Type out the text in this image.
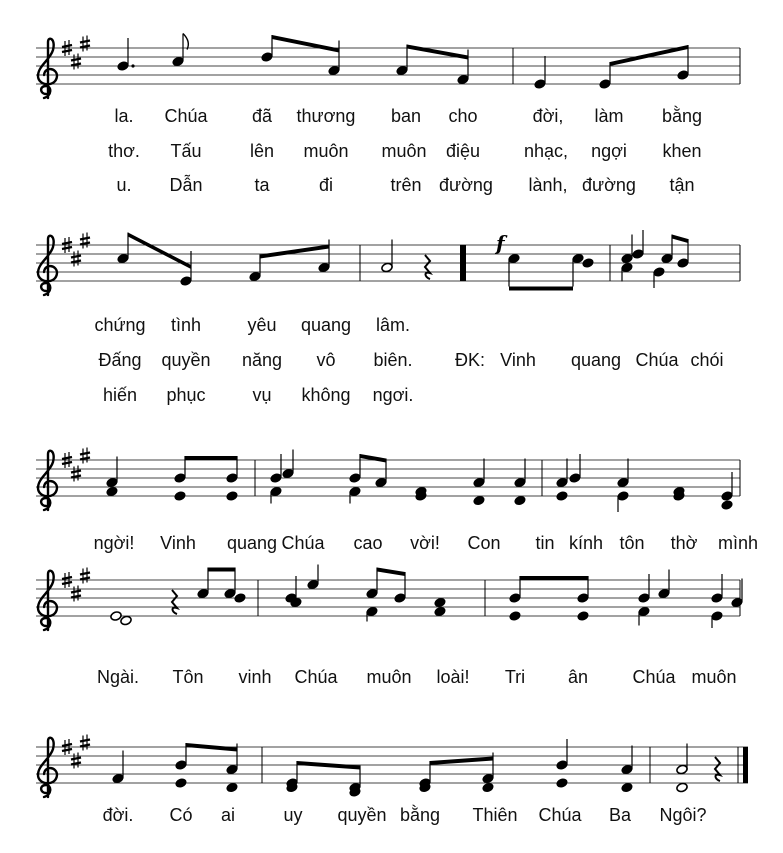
la. Chúa đã thương ban cho	đời, làm bằng
thơ. Tấu	lên muôn muôn điệu nhạc, ngợi khen
u. Dẫn	ta	đi	trên đường lành, đường tận
chứng tình	yêu quang lâm.
Đấng quyền năng vô biên. ĐK: Vinh quang Chúa chói
hiến phục	vụ không ngơi.
ngời! Vinh quang Chúa cao vời! Con tin kính tôn thờ mình
Ngài. Tôn vinh Chúa muôn loài! Tri ân Chúa muôn
đời. Có ai	uy quyền bằng Thiên Chúa Ba Ngôi?
f
